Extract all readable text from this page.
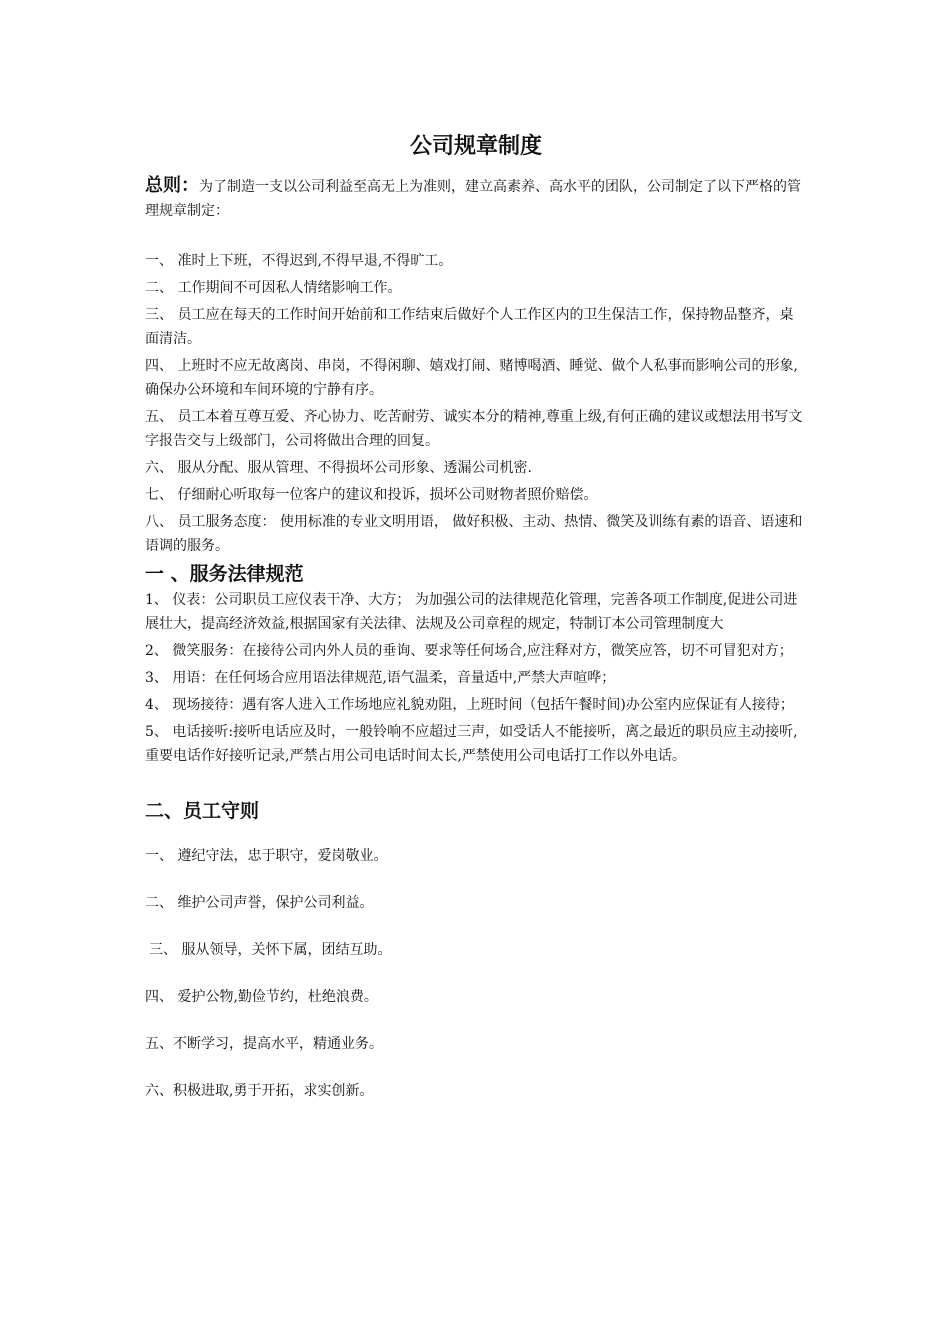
公司规章制度

总则：为了制造一支以公司利益至高无上为准则，建立高素养、高水平的团队，公司制定了以下严格的管理规章制定：

一、 准时上下班，不得迟到,不得早退,不得旷工。

二、 工作期间不可因私人情绪影响工作。

三、 员工应在每天的工作时间开始前和工作结束后做好个人工作区内的卫生保洁工作，保持物品整齐，桌面清洁。

四、 上班时不应无故离岗、串岗，不得闲聊、嬉戏打闹、赌博喝酒、睡觉、做个人私事而影响公司的形象,确保办公环境和车间环境的宁静有序。

五、 员工本着互尊互爱、齐心协力、吃苦耐劳、诚实本分的精神,尊重上级,有何正确的建议或想法用书写文字报告交与上级部门，公司将做出合理的回复。

六、 服从分配、服从管理、不得损坏公司形象、透漏公司机密.

七、 仔细耐心听取每一位客户的建议和投诉，损坏公司财物者照价赔偿。

八、 员工服务态度： 使用标准的专业文明用语， 做好积极、主动、热情、微笑及训练有素的语音、语速和语调的服务。

一 、服务法律规范

1、 仪表：公司职员工应仪表干净、大方； 为加强公司的法律规范化管理，完善各项工作制度,促进公司进展壮大，提高经济效益,根据国家有关法律、法规及公司章程的规定，特制订本公司管理制度大

2、 微笑服务：在接待公司内外人员的垂询、要求等任何场合,应注释对方，微笑应答，切不可冒犯对方；

3、 用语：在任何场合应用语法律规范,语气温柔，音量适中,严禁大声喧哗；

4、 现场接待：遇有客人进入工作场地应礼貌劝阻，上班时间（包括午餐时间)办公室内应保证有人接待；

5、 电话接听:接听电话应及时，一般铃响不应超过三声，如受话人不能接听，离之最近的职员应主动接听,重要电话作好接听记录,严禁占用公司电话时间太长,严禁使用公司电话打工作以外电话。

二、员工守则

一、 遵纪守法，忠于职守，爱岗敬业。

二、 维护公司声誉，保护公司利益。

三、 服从领导，关怀下属，团结互助。

四、 爱护公物,勤俭节约，杜绝浪费。

五、不断学习，提高水平，精通业务。

六、积极进取,勇于开拓，求实创新。
